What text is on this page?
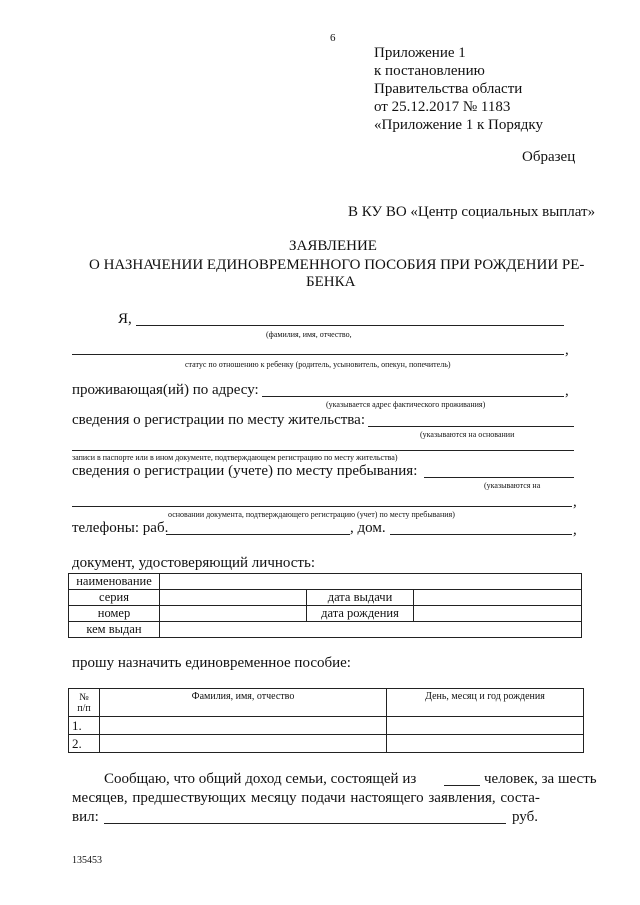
6
Приложение 1
к постановлению
Правительства области
от 25.12.2017 № 1183
«Приложение 1 к Порядку
Образец
В КУ ВО «Центр социальных выплат»
ЗАЯВЛЕНИЕ
О НАЗНАЧЕНИИ ЕДИНОВРЕМЕННОГО ПОСОБИЯ ПРИ РОЖДЕНИИ РЕ-
БЕНКА
Я,
(фамилия, имя, отчество,
,
статус по отношению к ребенку (родитель, усыновитель, опекун, попечитель)
проживающая(ий) по адресу:	,
(указывается адрес фактического проживания)
сведения о регистрации по месту жительства:
(указываются на основании
записи в паспорте или в ином документе, подтверждающем регистрацию по месту жительства)
сведения о регистрации (учете) по месту пребывания:
(указываются на
,
основании документа, подтверждающего регистрацию (учет) по месту пребывания)
телефоны: раб.	, дом.	,
документ, удостоверяющий личность:
наименование			
серия		дата выдачи	
номер		дата рождения	
кем выдан			
прошу назначить единовременное пособие:
№
п/п	Фамилия, имя, отчество	День, месяц и год рождения
1.		
2.		
Сообщаю, что общий доход семьи, состоящей из	человек, за шесть
месяцев, предшествующих месяцу подачи настоящего заявления, соста-
вил:	руб.
135453
